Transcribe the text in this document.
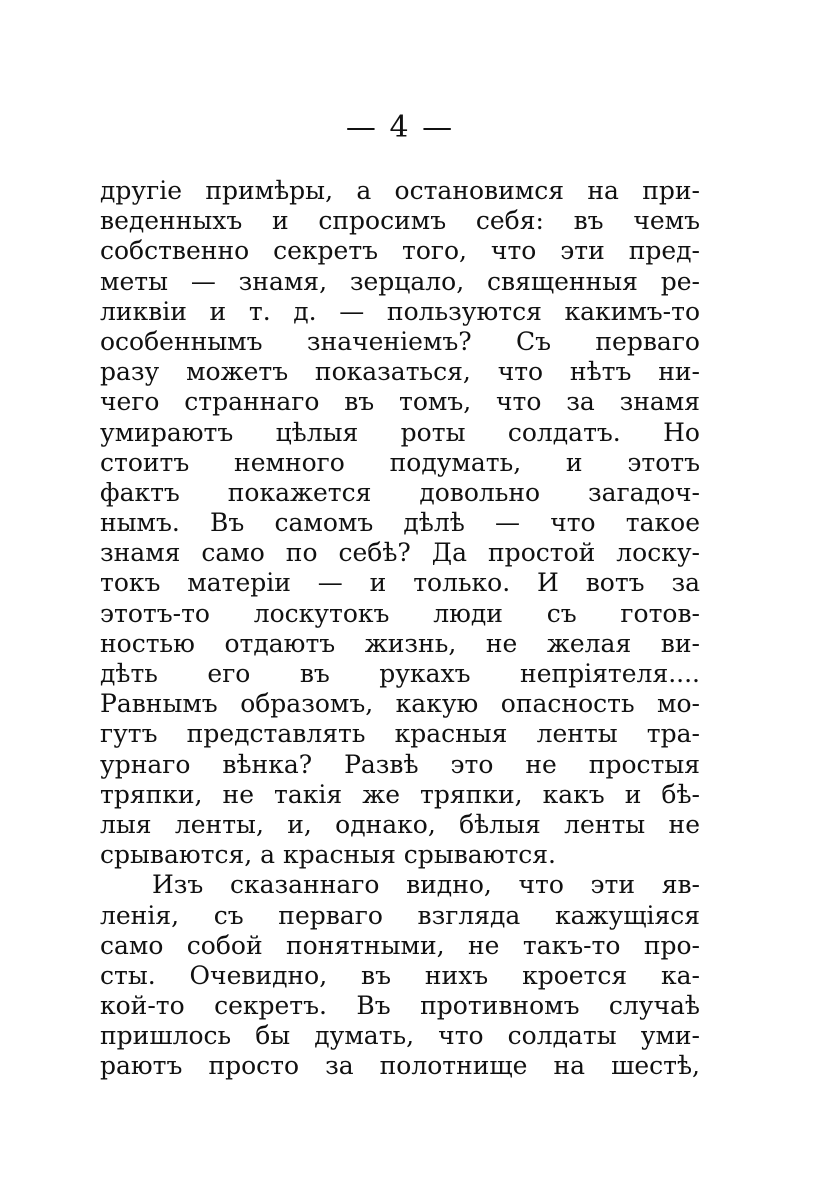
— 4 —
другіе примѣры, а остановимся на при-
веденныхъ и спросимъ себя: въ чемъ
собственно секретъ того, что эти пред-
меты — знамя, зерцало, священныя ре-
ликвіи и т. д. — пользуются какимъ-то
особеннымъ значеніемъ? Съ перваго
разу можетъ показаться, что нѣтъ ни-
чего страннаго въ томъ, что за знамя
умираютъ цѣлыя роты солдатъ. Но
стоитъ немного подумать, и этотъ
фактъ покажется довольно загадоч-
нымъ. Въ самомъ дѣлѣ — что такое
знамя само по себѣ? Да простой лоску-
токъ матеріи — и только. И вотъ за
этотъ-то лоскутокъ люди съ готов-
ностью отдаютъ жизнь, не желая ви-
дѣть его въ рукахъ непріятеля....
Равнымъ образомъ, какую опасность мо-
гутъ представлять красныя ленты тра-
урнаго вѣнка? Развѣ это не простыя
тряпки, не такія же тряпки, какъ и бѣ-
лыя ленты, и, однако, бѣлыя ленты не
срываются, а красныя срываются.
Изъ сказаннаго видно, что эти яв-
ленія, съ перваго взгляда кажущіяся
само собой понятными, не такъ-то про-
сты. Очевидно, въ нихъ кроется ка-
кой-то секретъ. Въ противномъ случаѣ
пришлось бы думать, что солдаты уми-
раютъ просто за полотнище на шестѣ,
